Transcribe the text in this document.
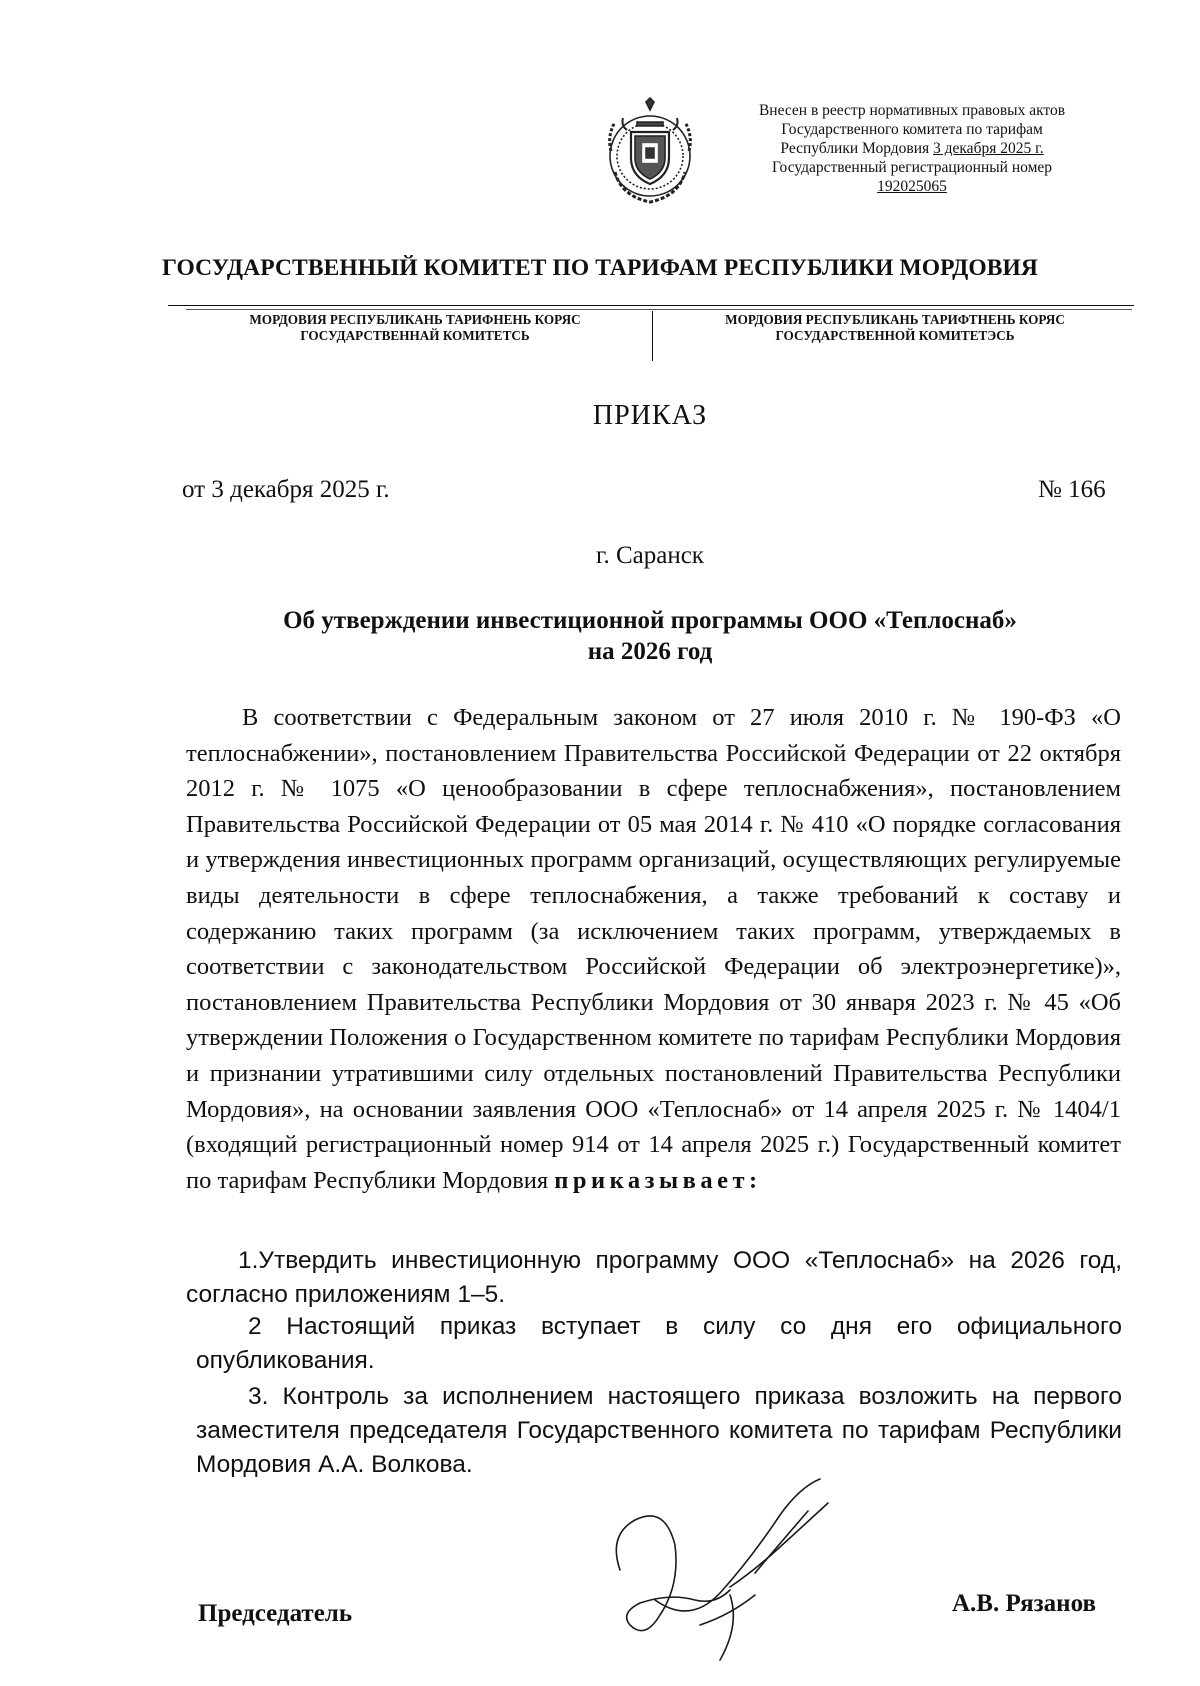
Внесен в реестр нормативных правовых актов
Государственного комитета по тарифам
Республики Мордовия 3 декабря 2025 г.
Государственный регистрационный номер
192025065
ГОСУДАРСТВЕННЫЙ КОМИТЕТ ПО ТАРИФАМ РЕСПУБЛИКИ МОРДОВИЯ
МОРДОВИЯ РЕСПУБЛИКАНЬ ТАРИФНЕНЬ КОРЯС
ГОСУДАРСТВЕННАЙ КОМИТЕТСЬ
МОРДОВИЯ РЕСПУБЛИКАНЬ ТАРИФТНЕНЬ КОРЯС
ГОСУДАРСТВЕННОЙ КОМИТЕТЭСЬ
ПРИКАЗ
от 3 декабря 2025 г.	№ 166
г. Саранск
Об утверждении инвестиционной программы ООО «Теплоснаб»
на 2026 год
В соответствии с Федеральным законом от 27 июля 2010 г. № 190-ФЗ «О теплоснабжении», постановлением Правительства Российской Федерации от 22 октября 2012 г. № 1075 «О ценообразовании в сфере теплоснабжения», постановлением Правительства Российской Федерации от 05 мая 2014 г. № 410 «О порядке согласования и утверждения инвестиционных программ организаций, осуществляющих регулируемые виды деятельности в сфере теплоснабжения, а также требований к составу и содержанию таких программ (за исключением таких программ, утверждаемых в соответствии с законодательством Российской Федерации об электроэнергетике)», постановлением Правительства Республики Мордовия от 30 января 2023 г. № 45 «Об утверждении Положения о Государственном комитете по тарифам Республики Мордовия и признании утратившими силу отдельных постановлений Правительства Республики Мордовия», на основании заявления ООО «Теплоснаб» от 14 апреля 2025 г. № 1404/1 (входящий регистрационный номер 914 от 14 апреля 2025 г.) Государственный комитет по тарифам Республики Мордовия приказывает:
1.Утвердить инвестиционную программу ООО «Теплоснаб» на 2026 год, согласно приложениям 1–5.
2 Настоящий приказ вступает в силу со дня его официального опубликования.
3. Контроль за исполнением настоящего приказа возложить на первого заместителя председателя Государственного комитета по тарифам Республики Мордовия А.А. Волкова.
Председатель	А.В. Рязанов
